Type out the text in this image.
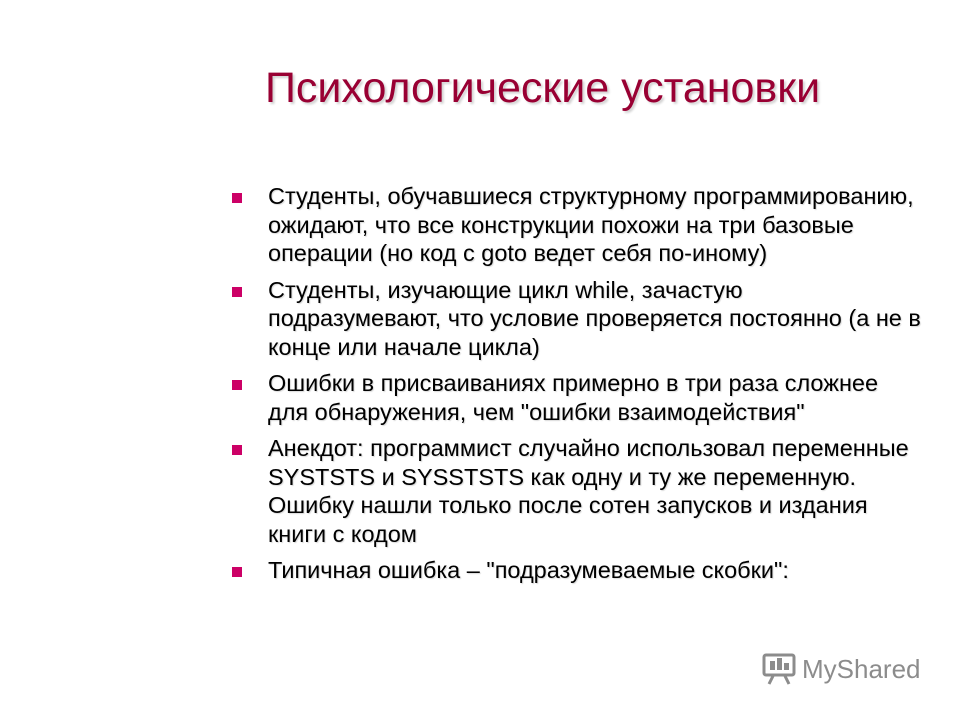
Психологические установки
Студенты, обучавшиеся структурному программированию, ожидают, что все конструкции похожи на три базовые операции (но код с goto ведет себя по-иному)
Студенты, изучающие цикл while, зачастую подразумевают, что условие проверяется постоянно (а не в конце или начале цикла)
Ошибки в присваиваниях примерно в три раза сложнее для обнаружения, чем "ошибки взаимодействия"
Анекдот: программист случайно использовал переменные SYSTSTS и SYSSTSTS как одну и ту же переменную. Ошибку нашли только после сотен запусков и издания книги с кодом
Типичная ошибка – "подразумеваемые скобки":
MyShared
